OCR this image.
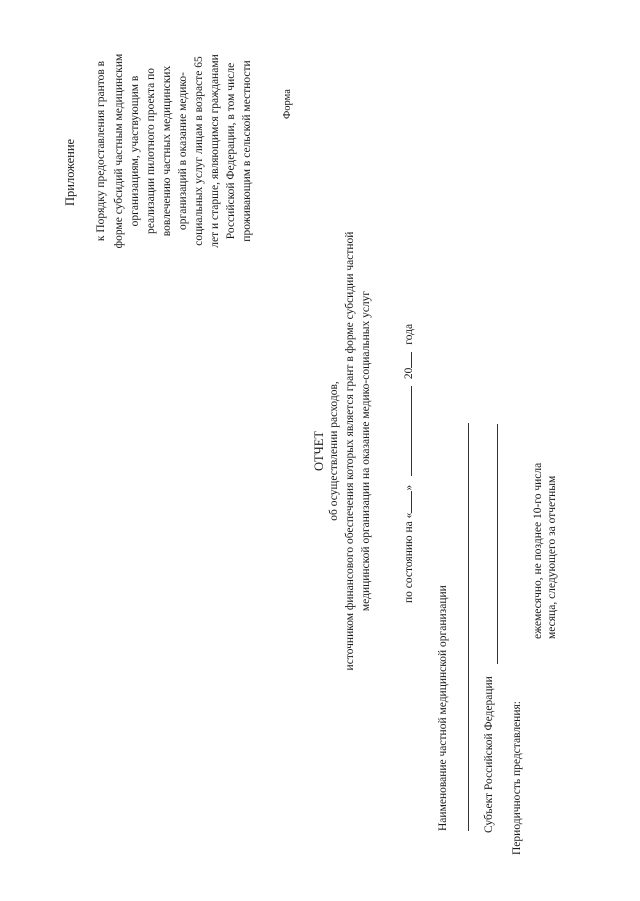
Приложение к Порядку предоставления грантов в форме субсидий частным медицинским организациям, участвующим в реализации пилотного проекта по вовлечению частных медицинских организаций в оказание медико- социальных услуг лицам в возрасте 65 лет и старше, являющимся гражданами Российской Федерации, в том числе проживающим в сельской местности	Форма
ОТЧЕТ об осуществлении расходов, источником финансового обеспечения которых является грант в форме субсидии частной медицинской организации на оказание медико-социальных услуг	по состоянию на «»  20 года
Наименование частной медицинской организации	Субъект Российской Федерации Периодичность представления:
ежемесячно, не позднее 10-го числа месяца, следующего за отчетным
